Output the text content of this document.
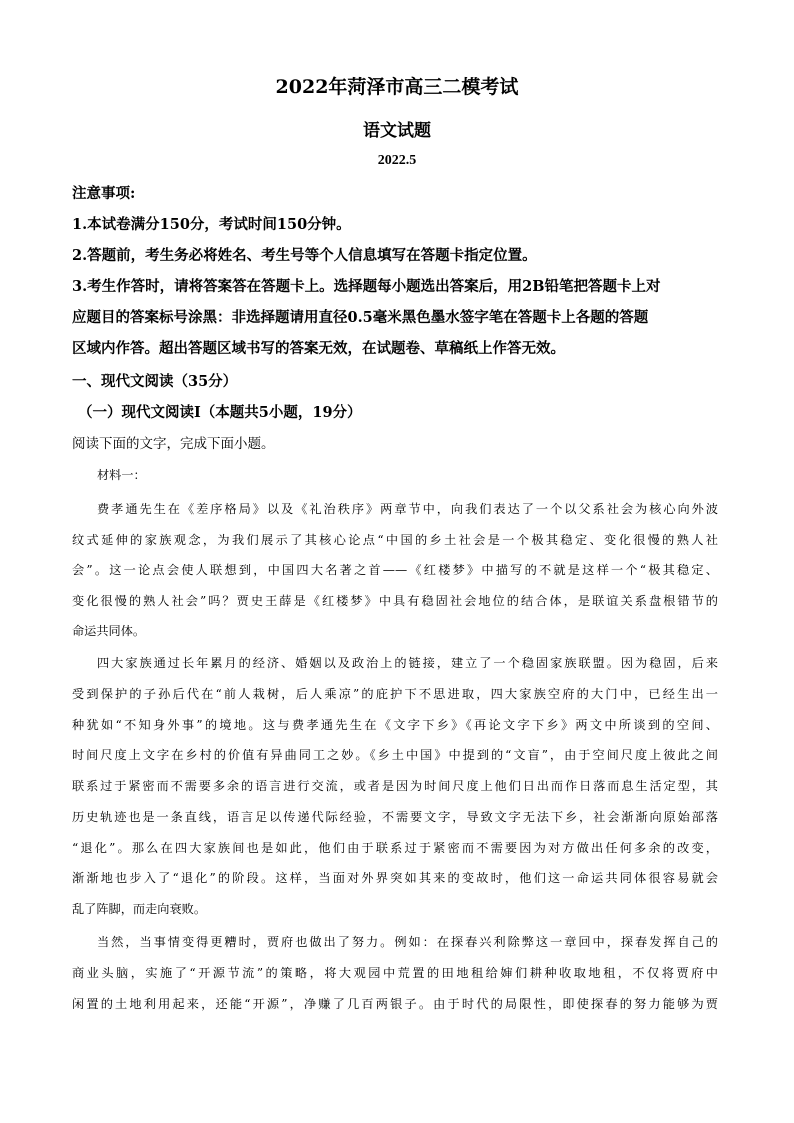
2022年菏泽市高三二模考试
语文试题
2022.5
注意事项:
1.本试卷满分150分，考试时间150分钟。
2.答题前，考生务必将姓名、考生号等个人信息填写在答题卡指定位置。
3.考生作答时，请将答案答在答题卡上。选择题每小题选出答案后，用2B铅笔把答题卡上对
应题目的答案标号涂黑：非选择题请用直径0.5毫米黑色墨水签字笔在答题卡上各题的答题
区域内作答。超出答题区域书写的答案无效，在试题卷、草稿纸上作答无效。
一、现代文阅读（35分）
（一）现代文阅读Ⅰ（本题共5小题，19分）
阅读下面的文字，完成下面小题。
材料一：
费孝通先生在《差序格局》以及《礼治秩序》两章节中，向我们表达了一个以父系社会为核心向外波
纹式延伸的家族观念，为我们展示了其核心论点“中国的乡土社会是一个极其稳定、变化很慢的熟人社
会”。这一论点会使人联想到，中国四大名著之首——《红楼梦》中描写的不就是这样一个“极其稳定、
变化很慢的熟人社会”吗？贾史王薛是《红楼梦》中具有稳固社会地位的结合体，是联谊关系盘根错节的
命运共同体。
四大家族通过长年累月的经济、婚姻以及政治上的链接，建立了一个稳固家族联盟。因为稳固，后来
受到保护的子孙后代在“前人栽树，后人乘凉”的庇护下不思进取，四大家族空府的大门中，已经生出一
种犹如“不知身外事”的境地。这与费孝通先生在《文字下乡》《再论文字下乡》两文中所谈到的空间、
时间尺度上文字在乡村的价值有异曲同工之妙。《乡土中国》中提到的“文盲”，由于空间尺度上彼此之间
联系过于紧密而不需要多余的语言进行交流，或者是因为时间尺度上他们日出而作日落而息生活定型，其
历史轨迹也是一条直线，语言足以传递代际经验，不需要文字，导致文字无法下乡，社会渐渐向原始部落
“退化”。那么在四大家族间也是如此，他们由于联系过于紧密而不需要因为对方做出任何多余的改变，
渐渐地也步入了“退化”的阶段。这样，当面对外界突如其来的变故时，他们这一命运共同体很容易就会
乱了阵脚，而走向衰败。
当然，当事情变得更糟时，贾府也做出了努力。例如：在探春兴利除弊这一章回中，探春发挥自己的
商业头脑，实施了“开源节流”的策略，将大观园中荒置的田地租给婶们耕种收取地租，不仅将贾府中
闲置的土地利用起来，还能“开源”，净赚了几百两银子。由于时代的局限性，即使探春的努力能够为贾
